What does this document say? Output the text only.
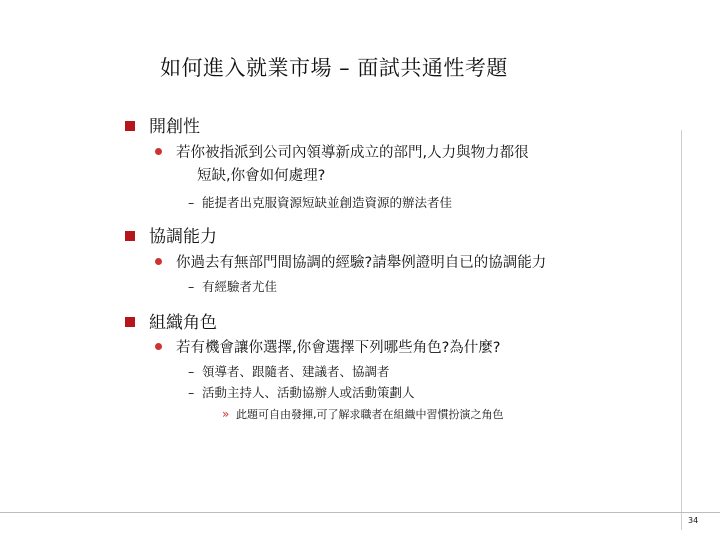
如何進入就業市場 – 面試共通性考題
開創性
若你被指派到公司內領導新成立的部門,人力與物力都很
短缺,你會如何處理?
– 能提者出克服資源短缺並創造資源的辦法者佳
協調能力
你過去有無部門間協調的經驗?請舉例證明自已的協調能力
– 有經驗者尤佳
組織角色
若有機會讓你選擇,你會選擇下列哪些角色?為什麼?
– 領導者、跟隨者、建議者、協調者
– 活動主持人、活動協辦人或活動策劃人
» 此題可自由發揮,可了解求職者在組織中習慣扮演之角色
34
